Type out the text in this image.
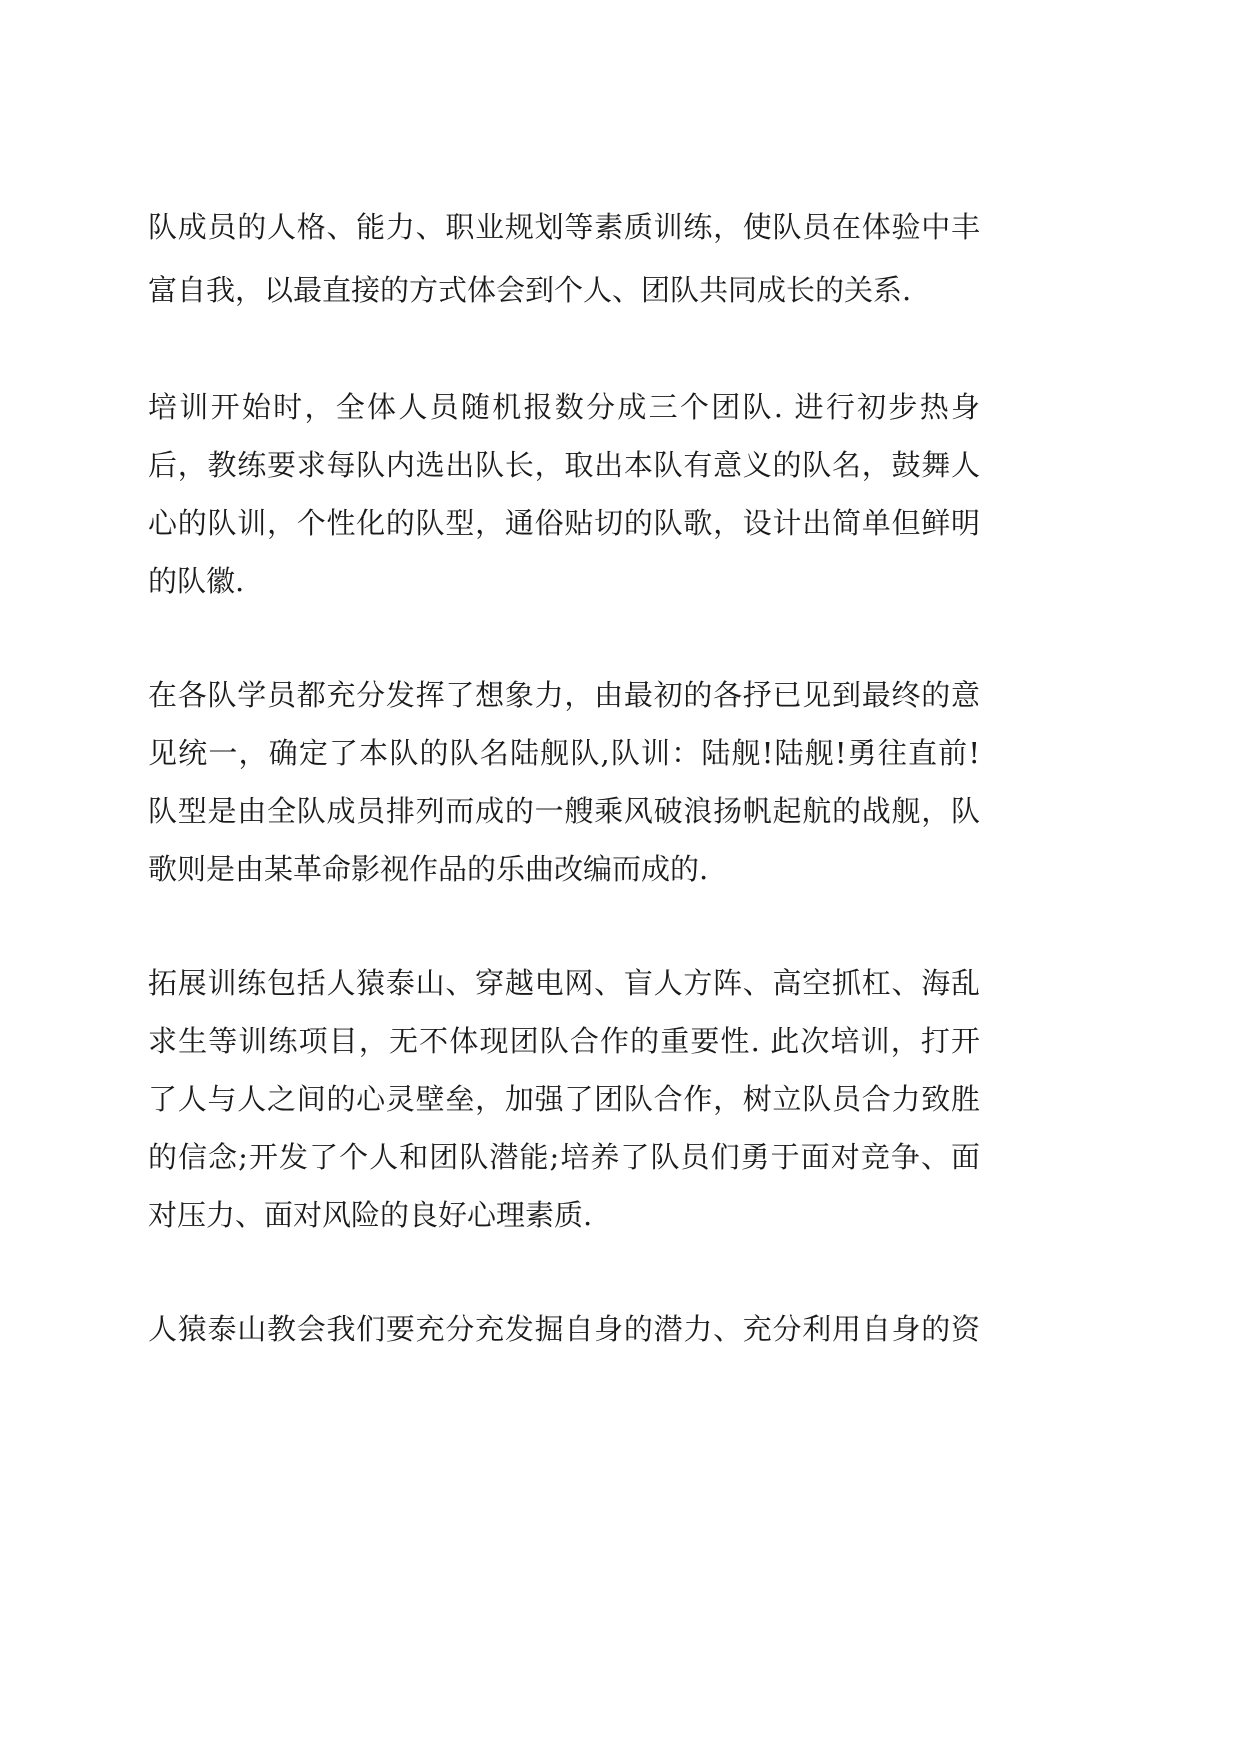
队成员的人格、能力、职业规划等素质训练，使队员在体验中丰
富自我，以最直接的方式体会到个人、团队共同成长的关系.
培训开始时，全体人员随机报数分成三个团队. 进行初步热身
后，教练要求每队内选出队长，取出本队有意义的队名，鼓舞人
心的队训，个性化的队型，通俗贴切的队歌，设计出简单但鲜明
的队徽.
在各队学员都充分发挥了想象力，由最初的各抒已见到最终的意
见统一，确定了本队的队名陆舰队,队训：陆舰!陆舰!勇往直前!
队型是由全队成员排列而成的一艘乘风破浪扬帆起航的战舰，队
歌则是由某革命影视作品的乐曲改编而成的.
拓展训练包括人猿泰山、穿越电网、盲人方阵、高空抓杠、海乱
求生等训练项目，无不体现团队合作的重要性. 此次培训，打开
了人与人之间的心灵壁垒，加强了团队合作，树立队员合力致胜
的信念;开发了个人和团队潜能;培养了队员们勇于面对竞争、面
对压力、面对风险的良好心理素质.
人猿泰山教会我们要充分充发掘自身的潜力、充分利用自身的资
